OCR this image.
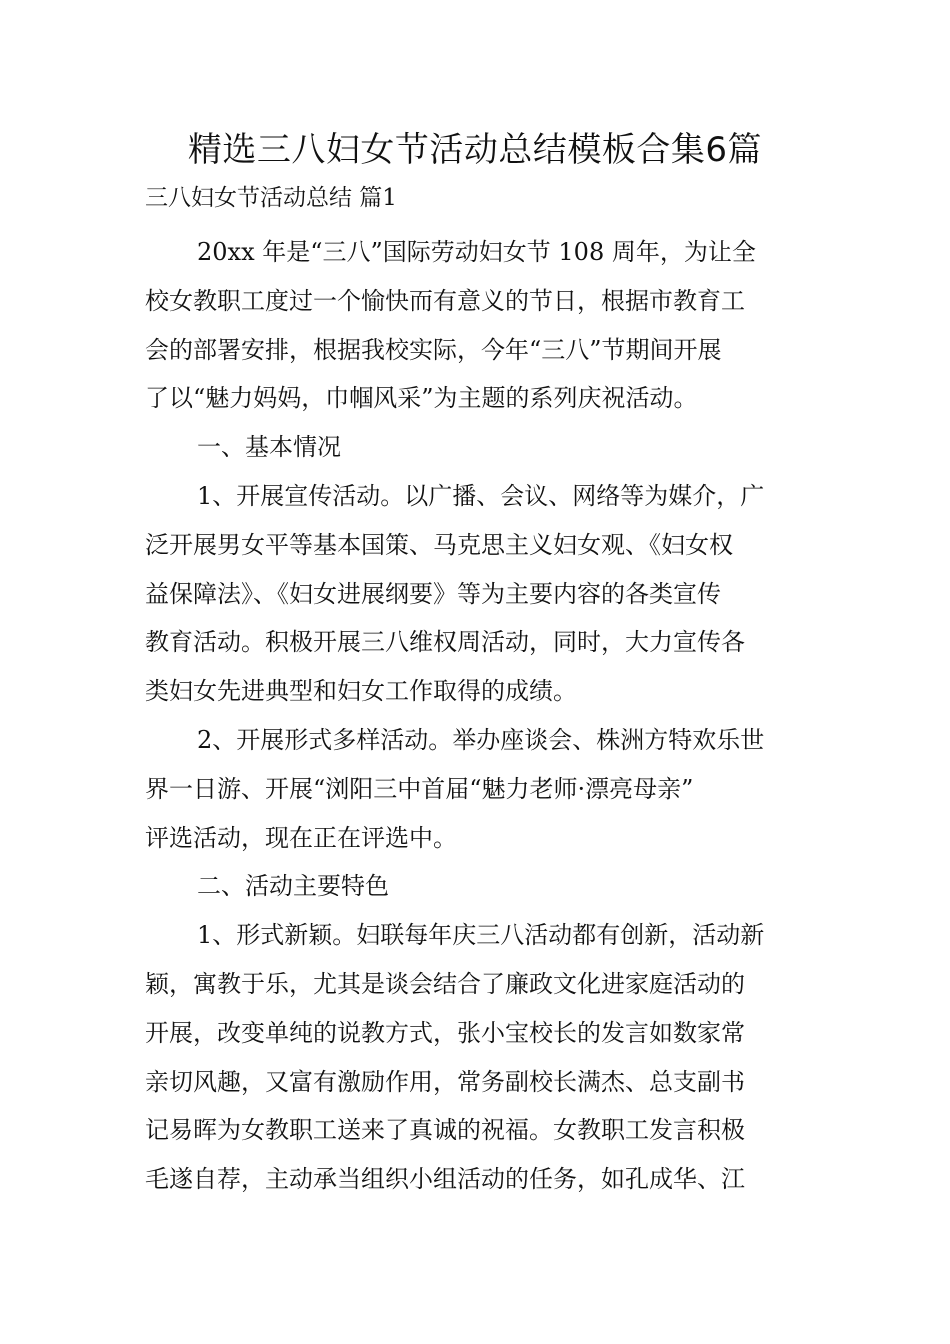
精选三八妇女节活动总结模板合集6篇
三八妇女节活动总结 篇1
20xx 年是“三八”国际劳动妇女节 108 周年，为让全
校女教职工度过一个愉快而有意义的节日，根据市教育工
会的部署安排，根据我校实际，今年“三八”节期间开展
了以“魅力妈妈，巾帼风采”为主题的系列庆祝活动。
一、基本情况
1、开展宣传活动。以广播、会议、网络等为媒介，广
泛开展男女平等基本国策、马克思主义妇女观、《妇女权
益保障法》、《妇女进展纲要》等为主要内容的各类宣传
教育活动。积极开展三八维权周活动，同时，大力宣传各
类妇女先进典型和妇女工作取得的成绩。
2、开展形式多样活动。举办座谈会、株洲方特欢乐世
界一日游、开展“浏阳三中首届“魅力老师·漂亮母亲”
评选活动，现在正在评选中。
二、活动主要特色
1、形式新颖。妇联每年庆三八活动都有创新，活动新
颖，寓教于乐，尤其是谈会结合了廉政文化进家庭活动的
开展，改变单纯的说教方式，张小宝校长的发言如数家常
亲切风趣，又富有激励作用，常务副校长满杰、总支副书
记易晖为女教职工送来了真诚的祝福。女教职工发言积极
毛遂自荐，主动承当组织小组活动的任务，如孔成华、江
